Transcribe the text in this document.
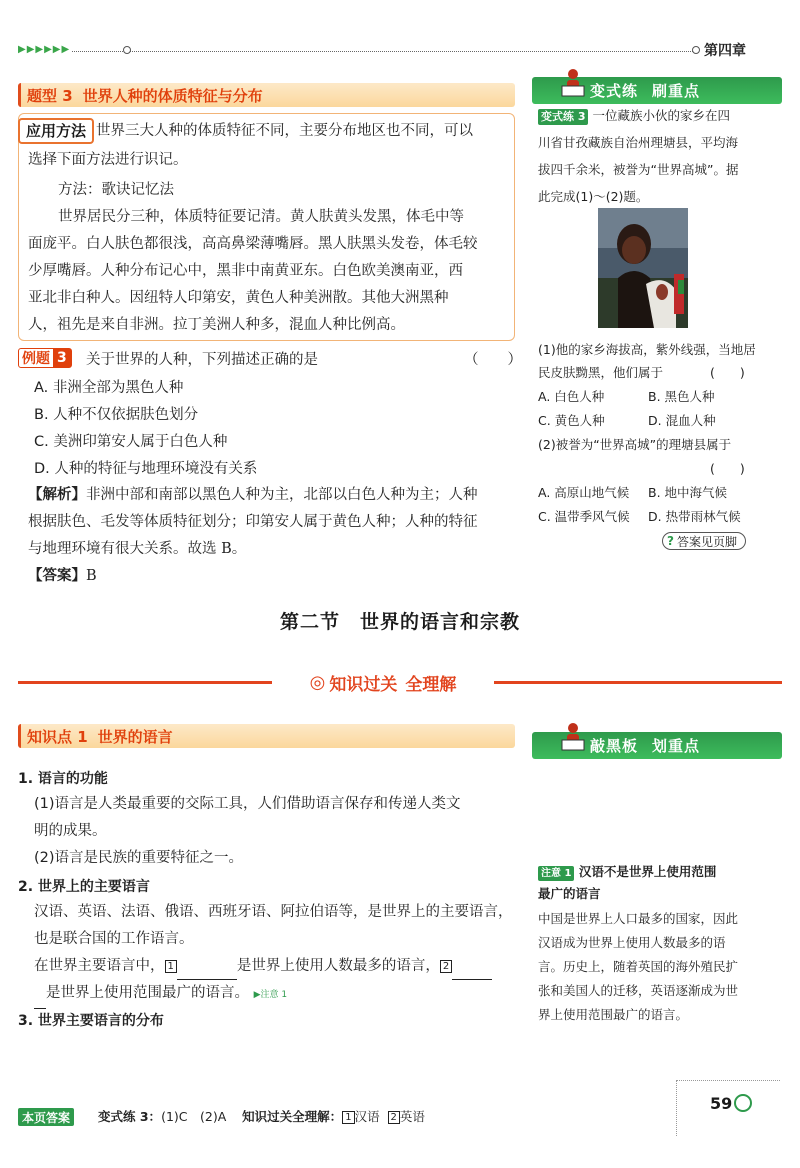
▶▶▶▶▶▶	第四章
题型 3 世界人种的体质特征与分布
应用方法 世界三大人种的体质特征不同，主要分布地区也不同，可以
选择下面方法进行识记。
方法：歌诀记忆法
世界居民分三种，体质特征要记清。黄人肤黄头发黑，体毛中等
面庞平。白人肤色都很浅，高高鼻梁薄嘴唇。黑人肤黑头发卷，体毛较
少厚嘴唇。人种分布记心中，黑非中南黄亚东。白色欧美澳南亚，西
亚北非白种人。因纽特人印第安，黄色人种美洲散。其他大洲黑种
人，祖先是来自非洲。拉丁美洲人种多，混血人种比例高。
例题 3 关于世界的人种，下列描述正确的是	（　　）
A. 非洲全部为黑色人种
B. 人种不仅依据肤色划分
C. 美洲印第安人属于白色人种
D. 人种的特征与地理环境没有关系
【解析】非洲中部和南部以黑色人种为主，北部以白色人种为主；人种
根据肤色、毛发等体质特征划分；印第安人属于黄色人种；人种的特征
与地理环境有很大关系。故选 B。
【答案】B
变式练 刷重点
变式练 3 一位藏族小伙的家乡在四
川省甘孜藏族自治州理塘县，平均海
拔四千余米，被誉为“世界高城”。据
此完成(1)～(2)题。
(1)他的家乡海拔高，紫外线强，当地居
民皮肤黝黑，他们属于	(　　)
A. 白色人种	B. 黑色人种
C. 黄色人种	D. 混血人种
(2)被誉为“世界高城”的理塘县属于
(　　)
A. 高原山地气候 B. 地中海气候
C. 温带季风气候 D. 热带雨林气候
? 答案见页脚
第二节　世界的语言和宗教
◎ 知识过关 全理解
知识点 1 世界的语言
1. 语言的功能
(1)语言是人类最重要的交际工具，人们借助语言保存和传递人类文
明的成果。
(2)语言是民族的重要特征之一。
2. 世界上的主要语言
汉语、英语、法语、俄语、西班牙语、阿拉伯语等，是世界上的主要语言，
也是联合国的工作语言。
在世界主要语言中， 1	是世界上使用人数最多的语言， 2
是世界上使用范围最广的语言。 ▶注意 1
3. 世界主要语言的分布
敲黑板 划重点
注意 1 汉语不是世界上使用范围
最广的语言
中国是世界上人口最多的国家，因此
汉语成为世界上使用人数最多的语
言。历史上，随着英国的海外殖民扩
张和美国人的迁移，英语逐渐成为世
界上使用范围最广的语言。
本页答案	变式练 3：(1)C　(2)A 知识过关全理解： 1 汉语 2 英语
59
